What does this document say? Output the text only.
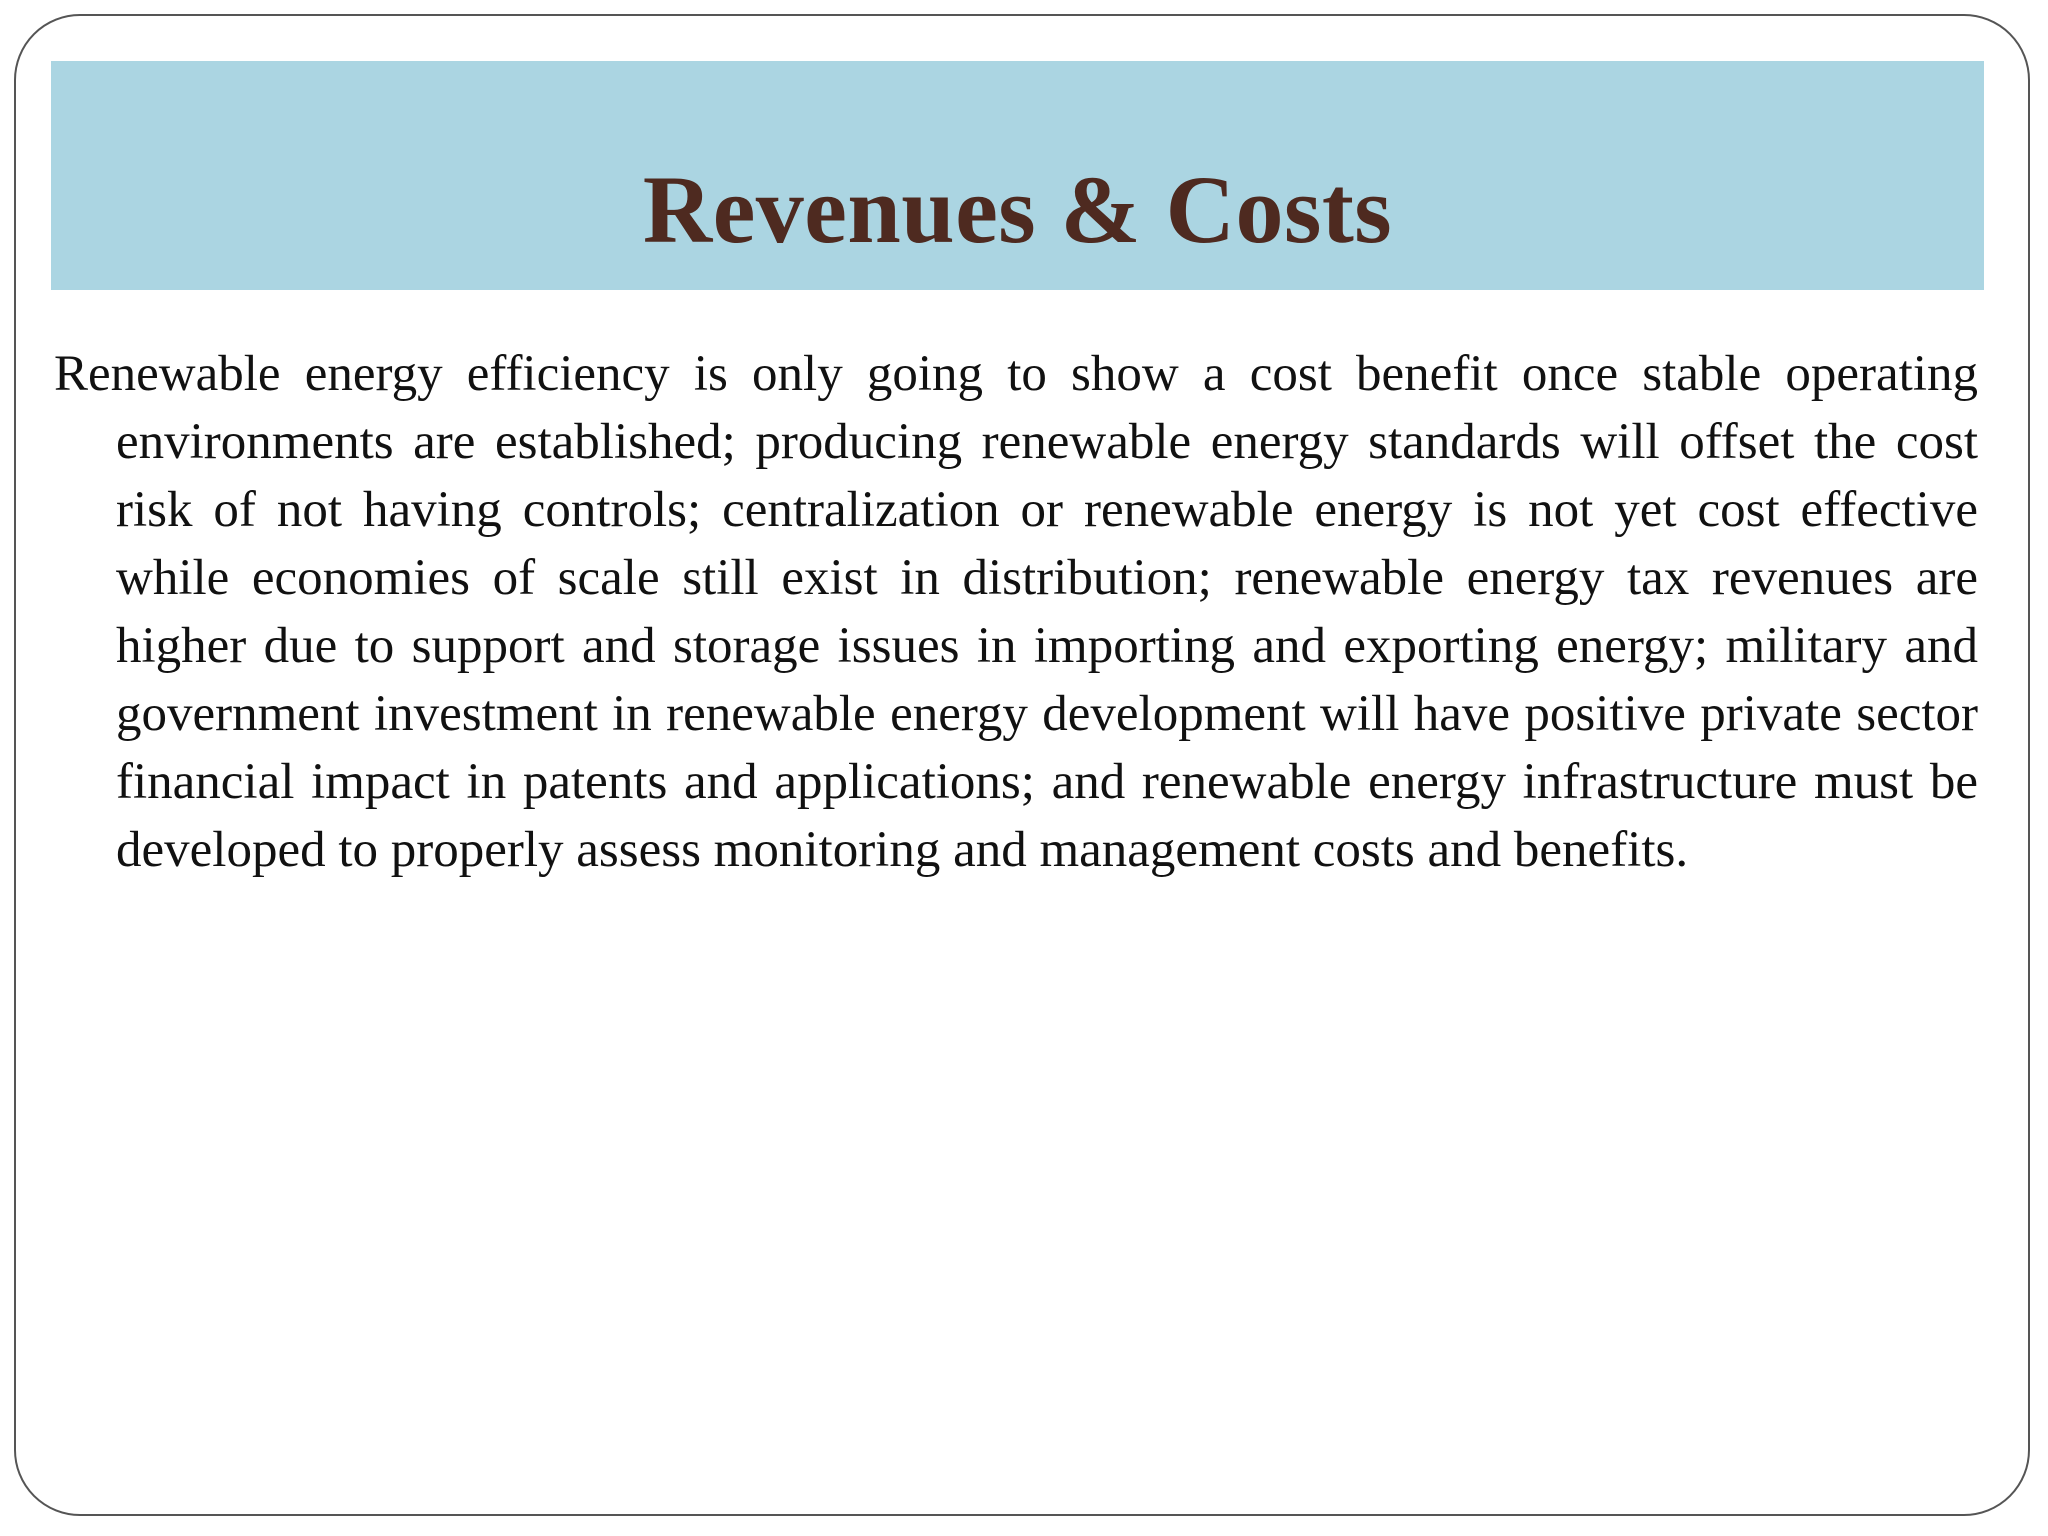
Revenues & Costs

Renewable energy efficiency is only going to show a cost benefit once stable operating environments are established; producing renewable energy standards will offset the cost risk of not having controls; centralization or renewable energy is not yet cost effective while economies of scale still exist in distribution; renewable energy tax revenues are higher due to support and storage issues in importing and exporting energy; military and government investment in renewable energy development will have positive private sector financial impact in patents and applications; and renewable energy infrastructure must be developed to properly assess monitoring and management costs and benefits.
